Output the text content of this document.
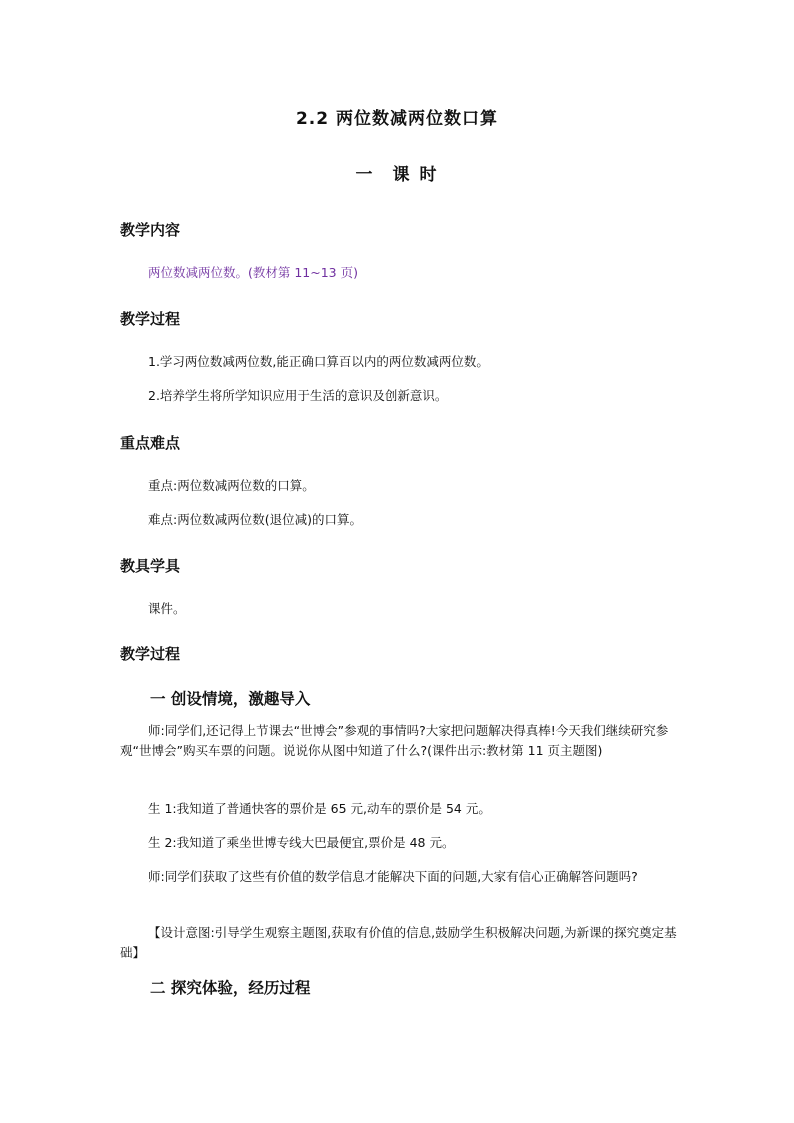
2.2 两位数减两位数口算
一 课 时
教学内容
两位数减两位数。(教材第 11~13 页)
教学过程
1.学习两位数减两位数,能正确口算百以内的两位数减两位数。
2.培养学生将所学知识应用于生活的意识及创新意识。
重点难点
重点:两位数减两位数的口算。
难点:两位数减两位数(退位减)的口算。
教具学具
课件。
教学过程
一 创设情境，激趣导入
师:同学们,还记得上节课去“世博会”参观的事情吗?大家把问题解决得真棒!今天我们继续研究参观“世博会”购买车票的问题。说说你从图中知道了什么?(课件出示:教材第 11 页主题图)
生 1:我知道了普通快客的票价是 65 元,动车的票价是 54 元。
生 2:我知道了乘坐世博专线大巴最便宜,票价是 48 元。
师:同学们获取了这些有价值的数学信息才能解决下面的问题,大家有信心正确解答问题吗?
【设计意图:引导学生观察主题图,获取有价值的信息,鼓励学生积极解决问题,为新课的探究奠定基础】
二 探究体验，经历过程
